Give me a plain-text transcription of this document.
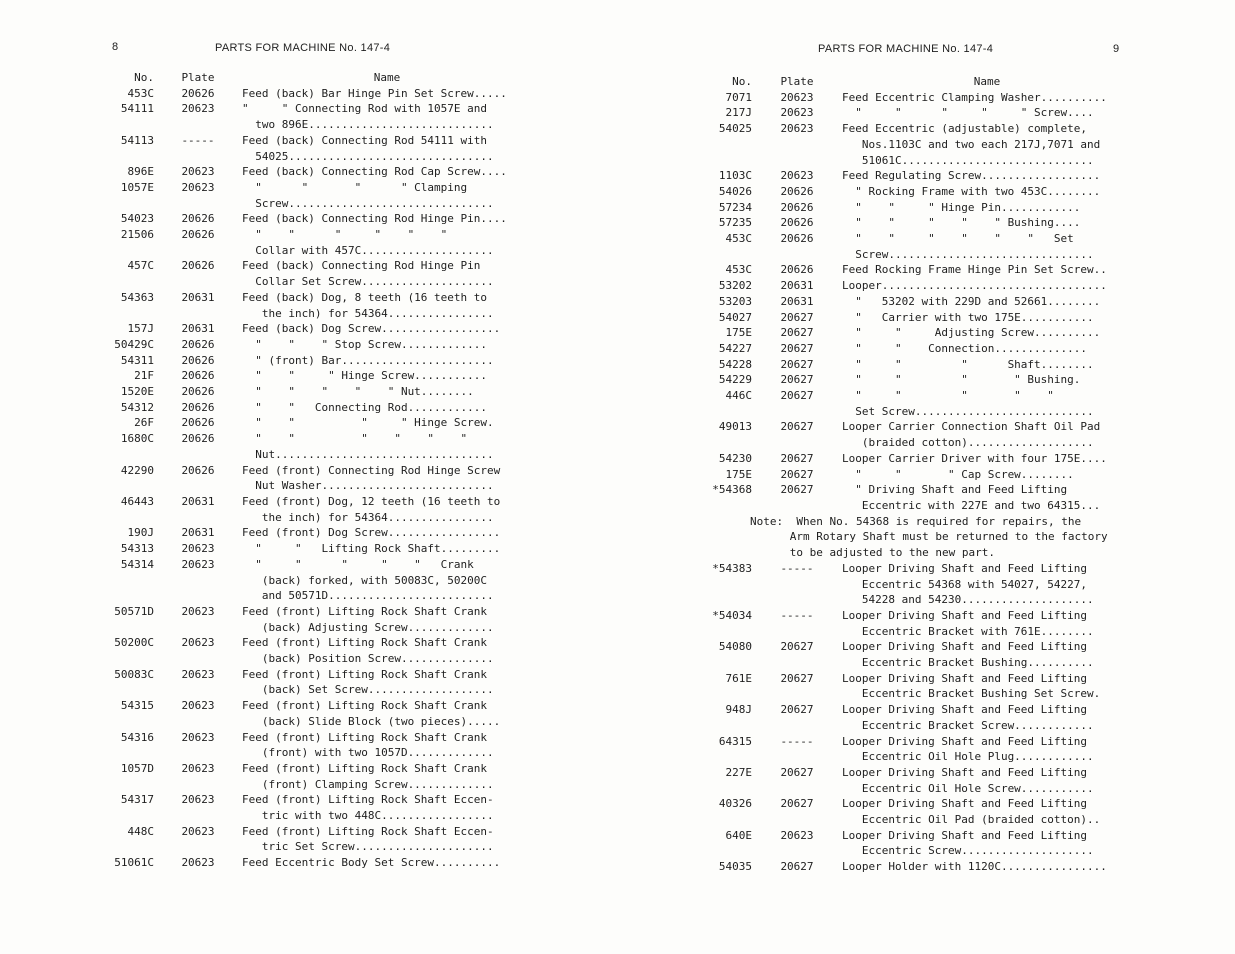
8	PARTS FOR MACHINE No. 147-4	PARTS FOR MACHINE No. 147-4	9
No.	Plate	Name
453C	20626	Feed (back) Bar Hinge Pin Set Screw.....
54111	20623	"     " Connecting Rod with 1057E and
two 896E............................
54113	-----	Feed (back) Connecting Rod 54111 with
54025...............................
896E	20623	Feed (back) Connecting Rod Cap Screw....
1057E	20623	"      "       "      " Clamping
Screw...............................
54023	20626	Feed (back) Connecting Rod Hinge Pin....
21506	20626	"    "      "     "    "    "
Collar with 457C....................
457C	20626	Feed (back) Connecting Rod Hinge Pin
Collar Set Screw....................
54363	20631	Feed (back) Dog, 8 teeth (16 teeth to
the inch) for 54364................
157J	20631	Feed (back) Dog Screw..................
50429C	20626	"    "    " Stop Screw.............
54311	20626	" (front) Bar.......................
21F	20626	"    "     " Hinge Screw...........
1520E	20626	"    "    "    "    " Nut........
54312	20626	"    "   Connecting Rod............
26F	20626	"    "          "     " Hinge Screw.
1680C	20626	"    "          "    "    "    "
Nut.................................
42290	20626	Feed (front) Connecting Rod Hinge Screw
Nut Washer..........................
46443	20631	Feed (front) Dog, 12 teeth (16 teeth to
the inch) for 54364................
190J	20631	Feed (front) Dog Screw.................
54313	20623	"     "   Lifting Rock Shaft.........
54314	20623	"     "      "     "    "   Crank
(back) forked, with 50083C, 50200C
and 50571D.........................
50571D	20623	Feed (front) Lifting Rock Shaft Crank
(back) Adjusting Screw.............
50200C	20623	Feed (front) Lifting Rock Shaft Crank
(back) Position Screw..............
50083C	20623	Feed (front) Lifting Rock Shaft Crank
(back) Set Screw...................
54315	20623	Feed (front) Lifting Rock Shaft Crank
(back) Slide Block (two pieces).....
54316	20623	Feed (front) Lifting Rock Shaft Crank
(front) with two 1057D.............
1057D	20623	Feed (front) Lifting Rock Shaft Crank
(front) Clamping Screw.............
54317	20623	Feed (front) Lifting Rock Shaft Eccen-
tric with two 448C.................
448C	20623	Feed (front) Lifting Rock Shaft Eccen-
tric Set Screw.....................
51061C	20623	Feed Eccentric Body Set Screw..........
No.	Plate	Name
7071	20623	Feed Eccentric Clamping Washer..........
217J	20623	"     "      "     "     " Screw....
54025	20623	Feed Eccentric (adjustable) complete,
Nos.1103C and two each 217J,7071 and
51061C.............................
1103C	20623	Feed Regulating Screw..................
54026	20626	" Rocking Frame with two 453C........
57234	20626	"    "     " Hinge Pin............
57235	20626	"    "     "    "    " Bushing....
453C	20626	"    "     "    "    "    "   Set
Screw...............................
453C	20626	Feed Rocking Frame Hinge Pin Set Screw..
53202	20631	Looper..................................
53203	20631	"   53202 with 229D and 52661........
54027	20627	"   Carrier with two 175E...........
175E	20627	"     "     Adjusting Screw..........
54227	20627	"     "    Connection..............
54228	20627	"     "         "      Shaft........
54229	20627	"     "         "       " Bushing.
446C	20627	"     "         "       "    "
Set Screw...........................
49013	20627	Looper Carrier Connection Shaft Oil Pad
(braided cotton)...................
54230	20627	Looper Carrier Driver with four 175E....
175E	20627	"     "       " Cap Screw........
*54368	20627	" Driving Shaft and Feed Lifting
Eccentric with 227E and two 64315...
Note:  When No. 54368 is required for repairs, the
Arm Rotary Shaft must be returned to the factory
to be adjusted to the new part.
*54383	-----	Looper Driving Shaft and Feed Lifting
Eccentric 54368 with 54027, 54227,
54228 and 54230....................
*54034	-----	Looper Driving Shaft and Feed Lifting
Eccentric Bracket with 761E........
54080	20627	Looper Driving Shaft and Feed Lifting
Eccentric Bracket Bushing..........
761E	20627	Looper Driving Shaft and Feed Lifting
Eccentric Bracket Bushing Set Screw.
948J	20627	Looper Driving Shaft and Feed Lifting
Eccentric Bracket Screw............
64315	-----	Looper Driving Shaft and Feed Lifting
Eccentric Oil Hole Plug............
227E	20627	Looper Driving Shaft and Feed Lifting
Eccentric Oil Hole Screw...........
40326	20627	Looper Driving Shaft and Feed Lifting
Eccentric Oil Pad (braided cotton)..
640E	20623	Looper Driving Shaft and Feed Lifting
Eccentric Screw....................
54035	20627	Looper Holder with 1120C................
